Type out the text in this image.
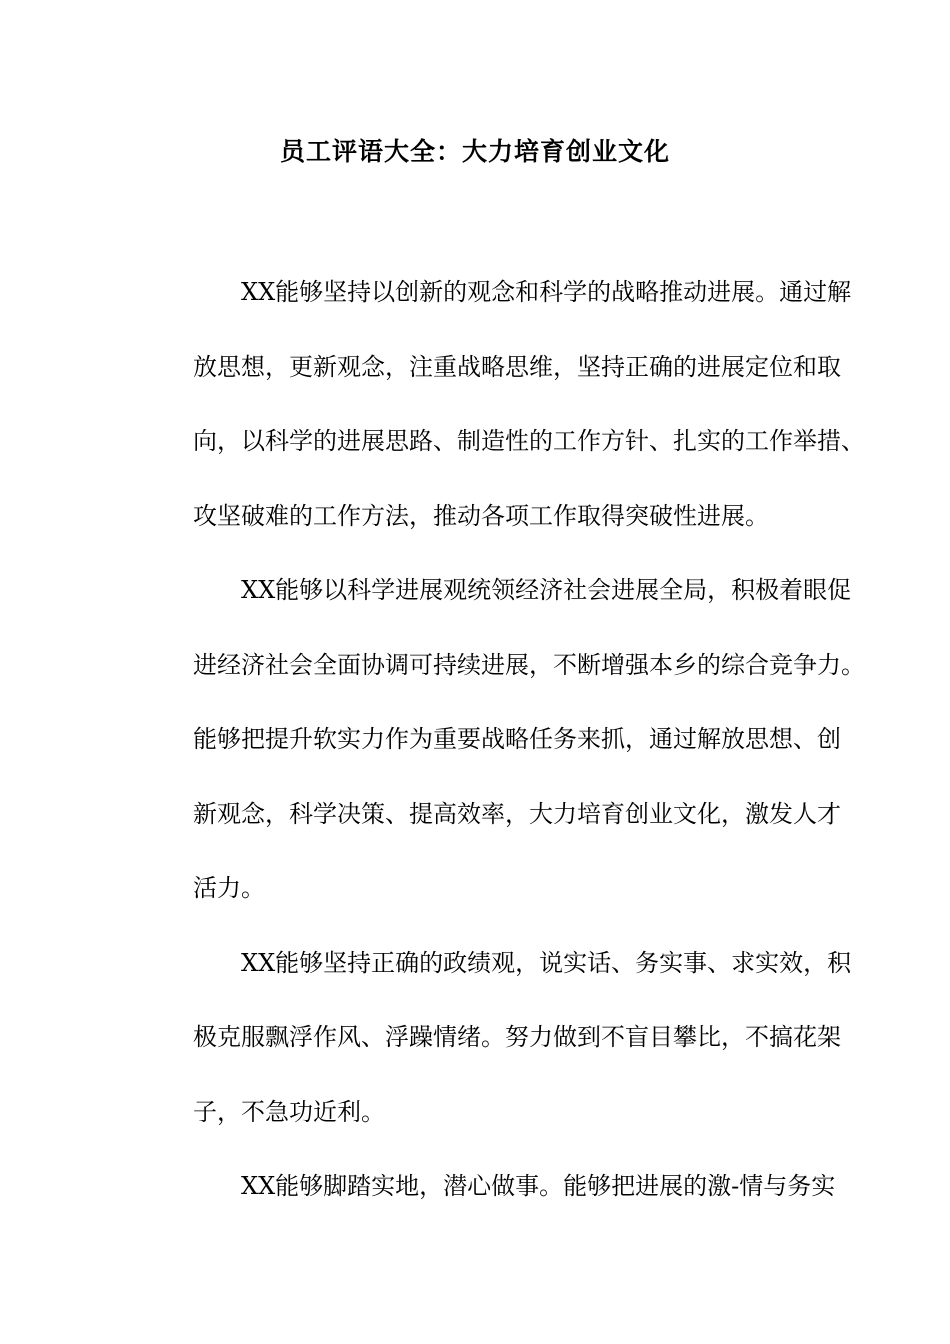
员工评语大全：大力培育创业文化
XX能够坚持以创新的观念和科学的战略推动进展。通过解
放思想，更新观念，注重战略思维，坚持正确的进展定位和取
向，以科学的进展思路、制造性的工作方针、扎实的工作举措、
攻坚破难的工作方法，推动各项工作取得突破性进展。
XX能够以科学进展观统领经济社会进展全局，积极着眼促
进经济社会全面协调可持续进展，不断增强本乡的综合竞争力。
能够把提升软实力作为重要战略任务来抓，通过解放思想、创
新观念，科学决策、提高效率，大力培育创业文化，激发人才
活力。
XX能够坚持正确的政绩观，说实话、务实事、求实效，积
极克服飘浮作风、浮躁情绪。努力做到不盲目攀比，不搞花架
子，不急功近利。
XX能够脚踏实地，潜心做事。能够把进展的激-情与务实
